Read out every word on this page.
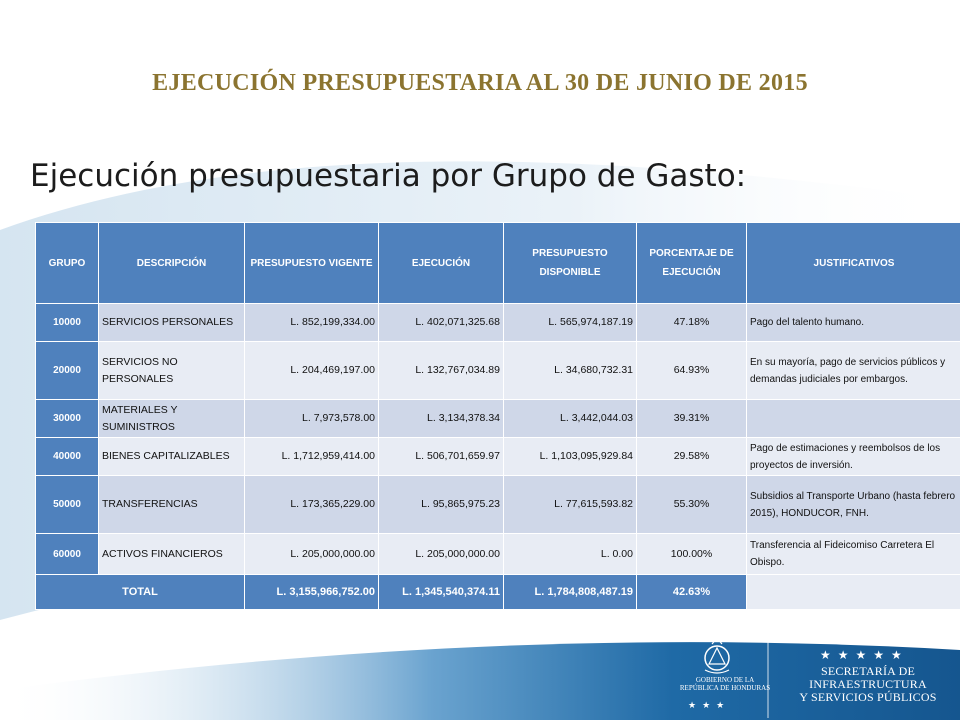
EJECUCIÓN PRESUPUESTARIA AL 30 DE JUNIO DE 2015
Ejecución presupuestaria por Grupo de Gasto:
GRUPO	DESCRIPCIÓN	PRESUPUESTO VIGENTE	EJECUCIÓN	PRESUPUESTO DISPONIBLE	PORCENTAJE DE EJECUCIÓN	JUSTIFICATIVOS
10000	SERVICIOS PERSONALES	L. 852,199,334.00	L. 402,071,325.68	L. 565,974,187.19	47.18%	Pago del talento humano.
20000	SERVICIOS NO PERSONALES	L. 204,469,197.00	L. 132,767,034.89	L. 34,680,732.31	64.93%	En su mayoría, pago de servicios públicos y demandas judiciales por embargos.
30000	MATERIALES Y SUMINISTROS	L. 7,973,578.00	L. 3,134,378.34	L. 3,442,044.03	39.31%	
40000	BIENES CAPITALIZABLES	L. 1,712,959,414.00	L. 506,701,659.97	L. 1,103,095,929.84	29.58%	Pago de estimaciones y reembolsos de los proyectos de inversión.
50000	TRANSFERENCIAS	L. 173,365,229.00	L. 95,865,975.23	L. 77,615,593.82	55.30%	Subsidios al Transporte Urbano (hasta febrero 2015), HONDUCOR, FNH.
60000	ACTIVOS FINANCIEROS	L. 205,000,000.00	L. 205,000,000.00	L. 0.00	100.00%	Transferencia al Fideicomiso Carretera El Obispo.
TOTAL		L. 3,155,966,752.00	L. 1,345,540,374.11	L. 1,784,808,487.19	42.63%	
GOBIERNO DE LA
REPÚBLICA DE HONDURAS
★★★
★★★★★
SECRETARÍA DE INFRAESTRUCTURA
Y SERVICIOS PÚBLICOS
